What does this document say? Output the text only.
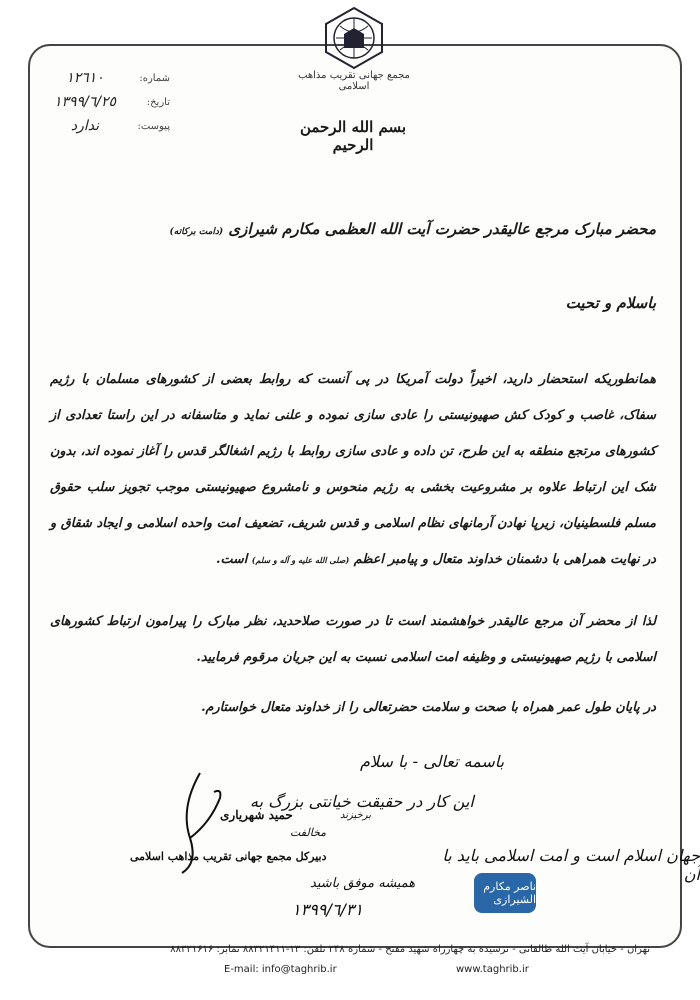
مجمع جهانی تقریب مذاهب اسلامی
شماره:
١٢٦١٠
تاریخ:
١٣٩٩/٦/٢٥
پیوست:
ندارد	بسم الله الرحمن الرحیم
محضر مبارک مرجع عالیقدر حضرت آیت الله العظمی مکارم شیرازی (دامت برکاته)
باسلام و تحیت
همانطوریکه استحضار دارید، اخیراً دولت آمریکا در پی آنست که روابط بعضی از کشورهای مسلمان با رژیم سفاک، غاصب و کودک کش صهیونیستی را عادی سازی نموده و علنی نماید و متاسفانه در این راستا تعدادی از کشورهای مرتجع منطقه به این طرح، تن داده و عادی سازی روابط با رژیم اشغالگر قدس را آغاز نموده اند، بدون شک این ارتباط علاوه بر مشروعیت بخشی به رژیم منحوس و نامشروع صهیونیستی موجب تجویز سلب حقوق مسلم فلسطینیان، زیرپا نهادن آرمانهای نظام اسلامی و قدس شریف، تضعیف امت واحده اسلامی و ایجاد شقاق و در نهایت همراهی با دشمنان خداوند متعال و پیامبر اعظم (صلی الله علیه و آله و سلم) است.
لذا از محضر آن مرجع عالیقدر خواهشمند است تا در صورت صلاحدید، نظر مبارک را پیرامون ارتباط کشورهای اسلامی با رژیم صهیونیستی و وظیفه امت اسلامی نسبت به این جریان مرقوم فرمایید.
در پایان طول عمر همراه با صحت و سلامت حضرتعالی را از خداوند متعال خواستارم.
باسمه تعالی - با سلام
این کار در حقیقت خیانتی بزرگ به
برخیزند
جهان اسلام است و امت اسلامی باید با آن
مخالفت
همیشه موفق باشید
١٣٩٩/٦/٣١
حمید شهریاری
دبیرکل مجمع جهانی تقریب مذاهب اسلامی
ناصر مکارم الشیرازی
تهران - خیابان آیت الله طالقانی - نرسیده به چهارراه شهید مفتح - شماره ۲۴۸ تلفن: ۱۳-۸۸۳۲۱۴۱۱ نمابر: ۸۸۳۲۱۶۱۶
E-mail: info@taghrib.ir	www.taghrib.ir
